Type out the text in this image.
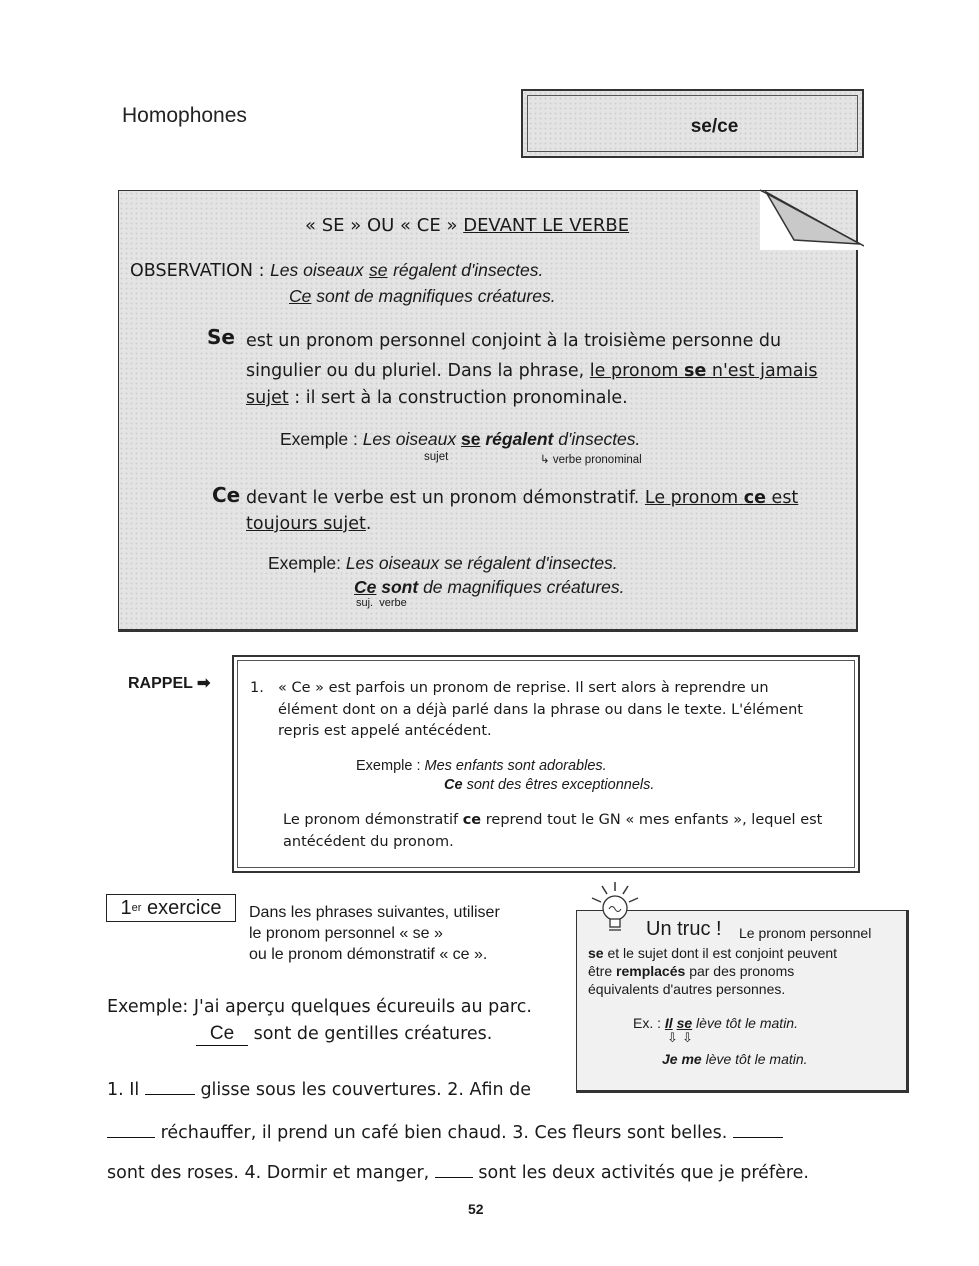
Homophones	se/ce
« SE » OU « CE » DEVANT LE VERBE
OBSERVATION : Les oiseaux se régalent d'insectes.
Ce sont de magnifiques créatures.
Se est un pronom personnel conjoint à la troisième personne du
singulier ou du pluriel. Dans la phrase, le pronom se n'est jamais
sujet : il sert à la construction pronominale.
Exemple : Les oiseaux se régalent d'insectes.
sujet	↳ verbe pronominal
Ce devant le verbe est un pronom démonstratif. Le pronom ce est
toujours sujet.
Exemple: Les oiseaux se régalent d'insectes.
Ce sont de magnifiques créatures.
suj. verbe
RAPPEL ➡	1. « Ce » est parfois un pronom de reprise. Il sert alors à reprendre un
élément dont on a déjà parlé dans la phrase ou dans le texte. L'élément
repris est appelé antécédent.
Exemple : Mes enfants sont adorables.
Ce sont des êtres exceptionnels.
Le pronom démonstratif ce reprend tout le GN « mes enfants », lequel est
antécédent du pronom.
1 er
exercice Dans les phrases suivantes, utiliser
le pronom personnel « se »
ou le pronom démonstratif « ce ».
Exemple: J'ai aperçu quelques écureuils au parc.
Ce sont de gentilles créatures.
1. Il	glisse sous les couvertures. 2. Afin de
réchauffer, il prend un café bien chaud. 3. Ces fleurs sont belles.
sont des roses. 4. Dormir et manger,	sont les deux activités que je préfère.
Un truc ! Le pronom personnel
se et le sujet dont il est conjoint peuvent
être remplacés par des pronoms
équivalents d'autres personnes.
Ex. : Il se lève tôt le matin.
⇩ ⇩
Je me lève tôt le matin.
52
